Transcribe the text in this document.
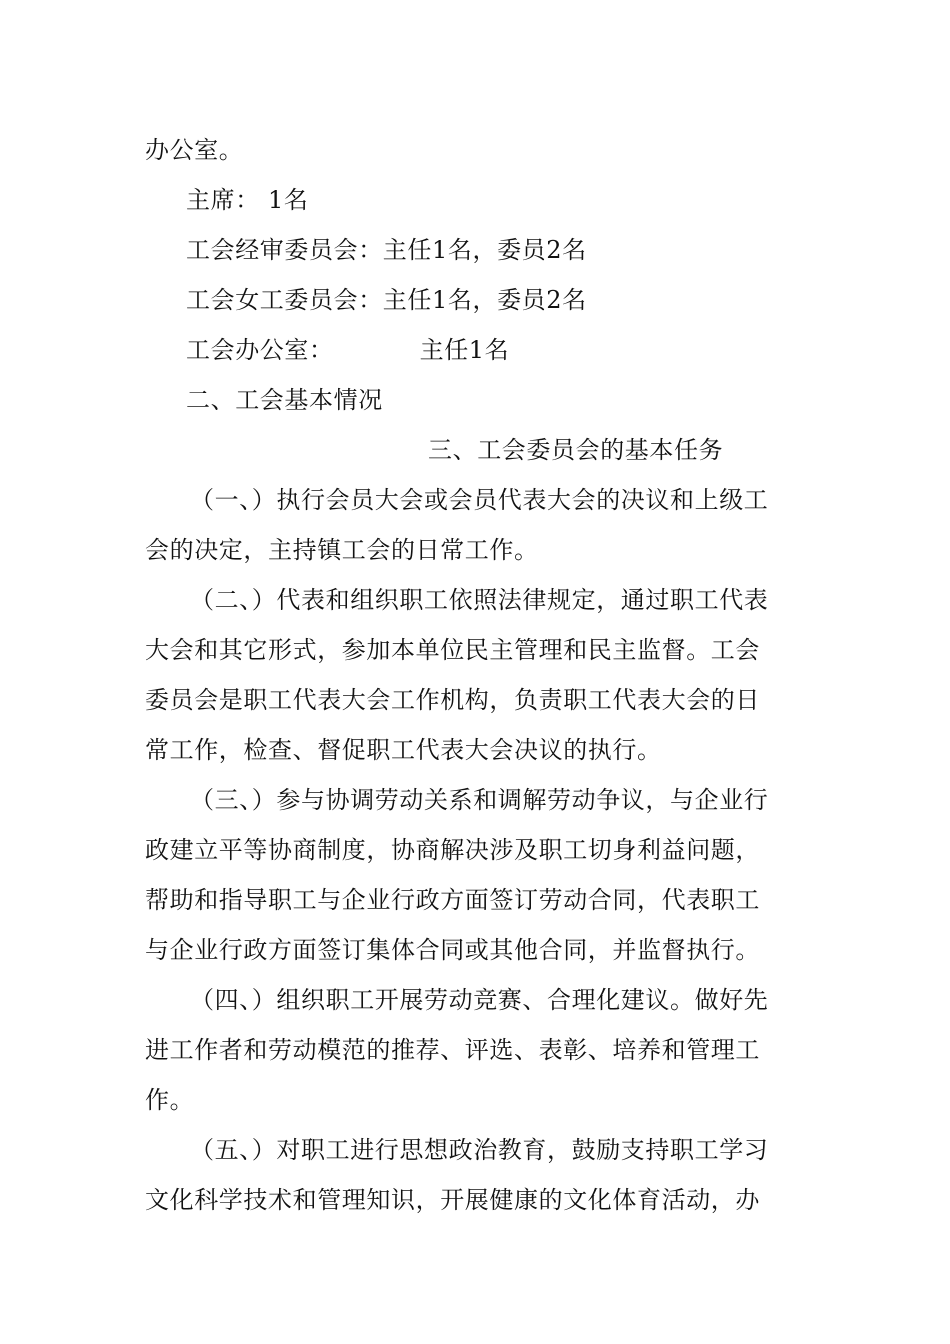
办公室。
主席： 1名
工会经审委员会：主任1名，委员2名
工会女工委员会：主任1名，委员2名
工会办公室：	主任1名
二、工会基本情况
三、工会委员会的基本任务
（一、）执行会员大会或会员代表大会的决议和上级工
会的决定，主持镇工会的日常工作。
（二、）代表和组织职工依照法律规定，通过职工代表
大会和其它形式，参加本单位民主管理和民主监督。工会
委员会是职工代表大会工作机构，负责职工代表大会的日
常工作，检查、督促职工代表大会决议的执行。
（三、）参与协调劳动关系和调解劳动争议，与企业行
政建立平等协商制度，协商解决涉及职工切身利益问题，
帮助和指导职工与企业行政方面签订劳动合同，代表职工
与企业行政方面签订集体合同或其他合同，并监督执行。
（四、）组织职工开展劳动竞赛、合理化建议。做好先
进工作者和劳动模范的推荐、评选、表彰、培养和管理工
作。
（五、）对职工进行思想政治教育，鼓励支持职工学习
文化科学技术和管理知识，开展健康的文化体育活动，办
